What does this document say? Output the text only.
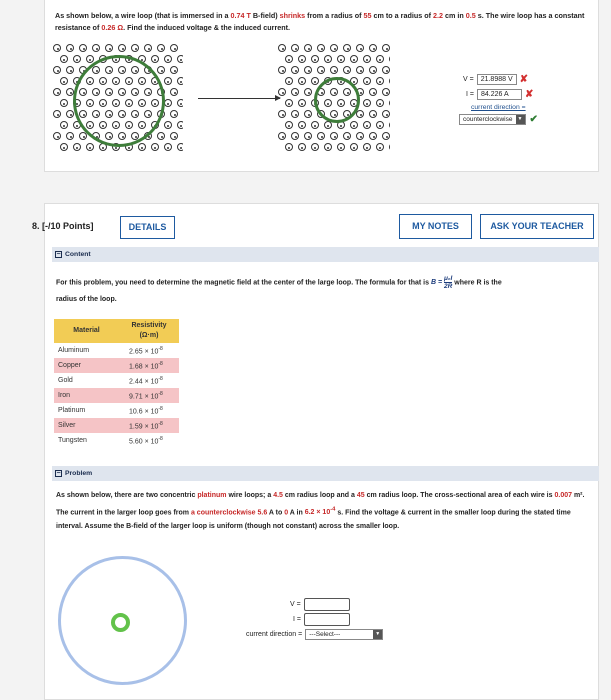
As shown below, a wire loop (that is immersed in a 0.74 T B-field) shrinks from a radius of 55 cm to a radius of 2.2 cm in 0.5 s. The wire loop has a constant resistance of 0.26 Ω. Find the induced voltage & the induced current.
V =	21.8988 V ✘
I =	84.226 A	✘
current direction =
counterclockwise	▼ ✔
8. [-/10 Points]	DETAILS	MY NOTES	ASK YOUR TEACHER
− Content
For this problem, you need to determine the magnetic field at the center of the large loop. The formula for that is $B = \frac{\text{μ₀I}}{2R}$ where R is the
radius of the loop.
Material	Resistivity
(Ω·m)
Aluminum	$2.65 \times 10^{-8}$
Copper	$1.68 \times 10^{-8}$
Gold	$2.44 \times 10^{-8}$
Iron	$9.71 \times 10^{-8}$
Platinum	$10.6 \times 10^{-8}$
Silver	$1.59 \times 10^{-8}$
Tungsten	$5.60 \times 10^{-8}$
− Problem
As shown below, there are two concentric platinum wire loops; a 4.5 cm radius loop and a 45 cm radius loop. The cross-sectional area of each wire is 0.007 m². The current in the larger loop goes from a counterclockwise 5.6 A to 0 A in $6.2 \times 10^{-4}$ s. Find the voltage & current in the smaller loop during the stated time interval. Assume the B-field of the larger loop is uniform (though not constant) across the smaller loop.
V =
I =
current direction = ---Select---	▼
